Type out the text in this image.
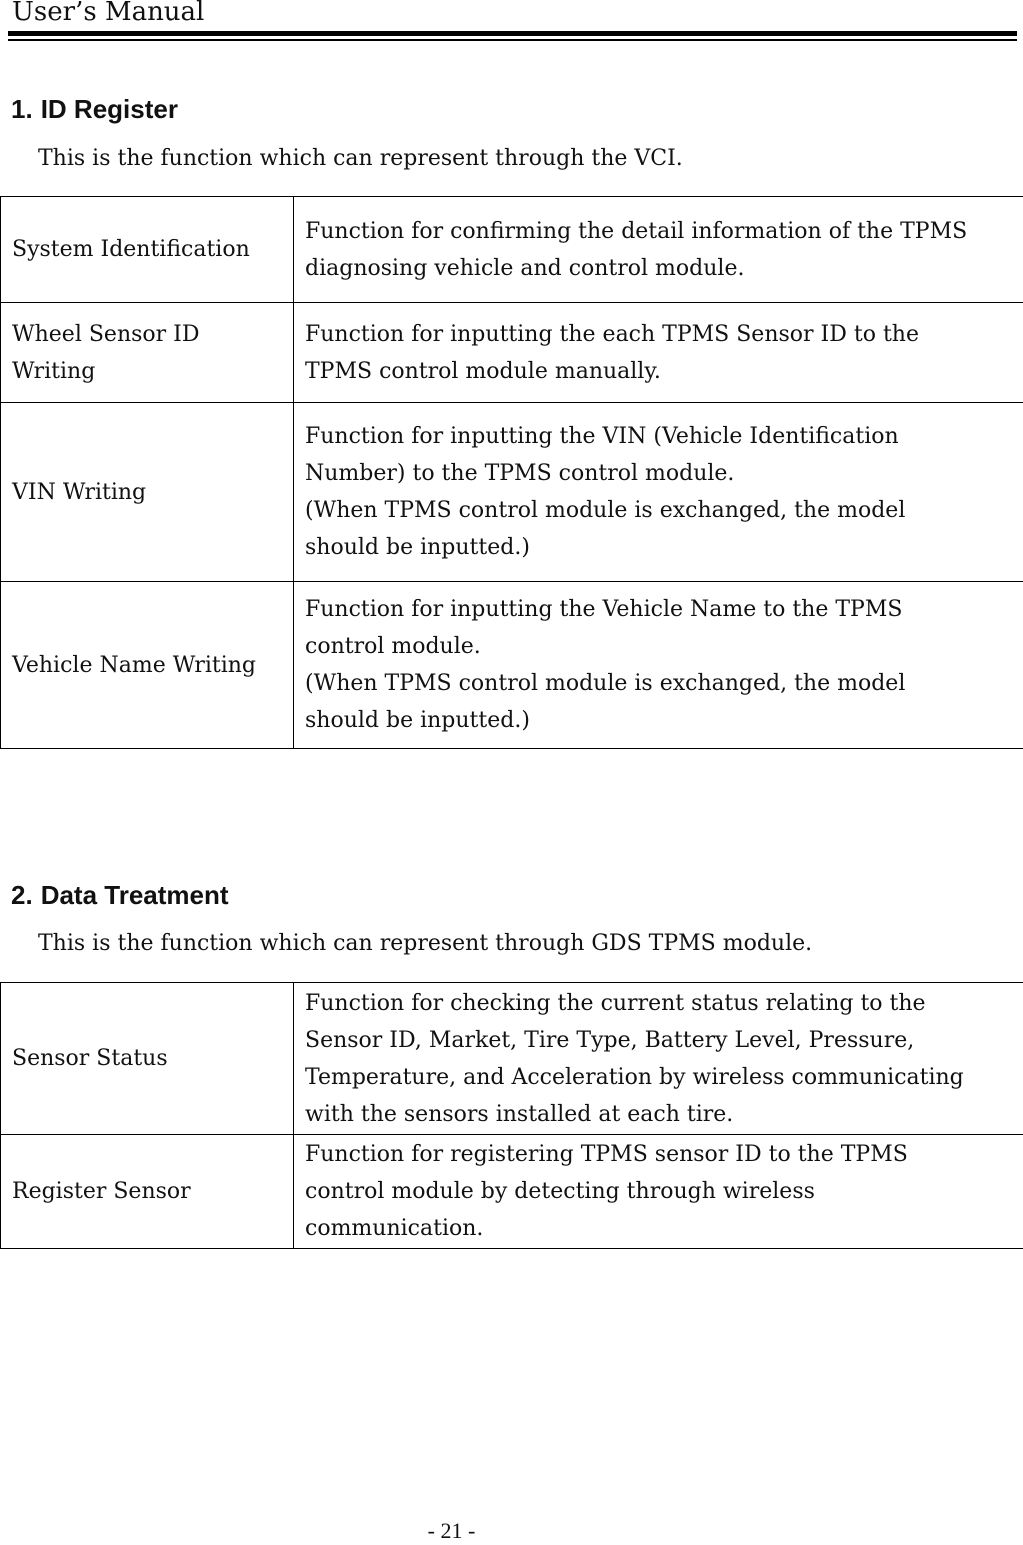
User’s Manual
1. ID Register

This is the function which can represent through the VCI.

System Identification	Function for confirming the detail information of the TPMS
diagnosing vehicle and control module.

Wheel Sensor ID
Writing	Function for inputting the each TPMS Sensor ID to the
TPMS control module manually.

VIN Writing	Function for inputting the VIN (Vehicle Identification
Number) to the TPMS control module.
(When TPMS control module is exchanged, the model
should be inputted.)

Vehicle Name Writing	Function for inputting the Vehicle Name to the TPMS
control module.
(When TPMS control module is exchanged, the model
should be inputted.)
2. Data Treatment

This is the function which can represent through GDS TPMS module.

Sensor Status	Function for checking the current status relating to the
Sensor ID, Market, Tire Type, Battery Level, Pressure,
Temperature, and Acceleration by wireless communicating
with the sensors installed at each tire.

Register Sensor	Function for registering TPMS sensor ID to the TPMS
control module by detecting through wireless
communication.
- 21 -
